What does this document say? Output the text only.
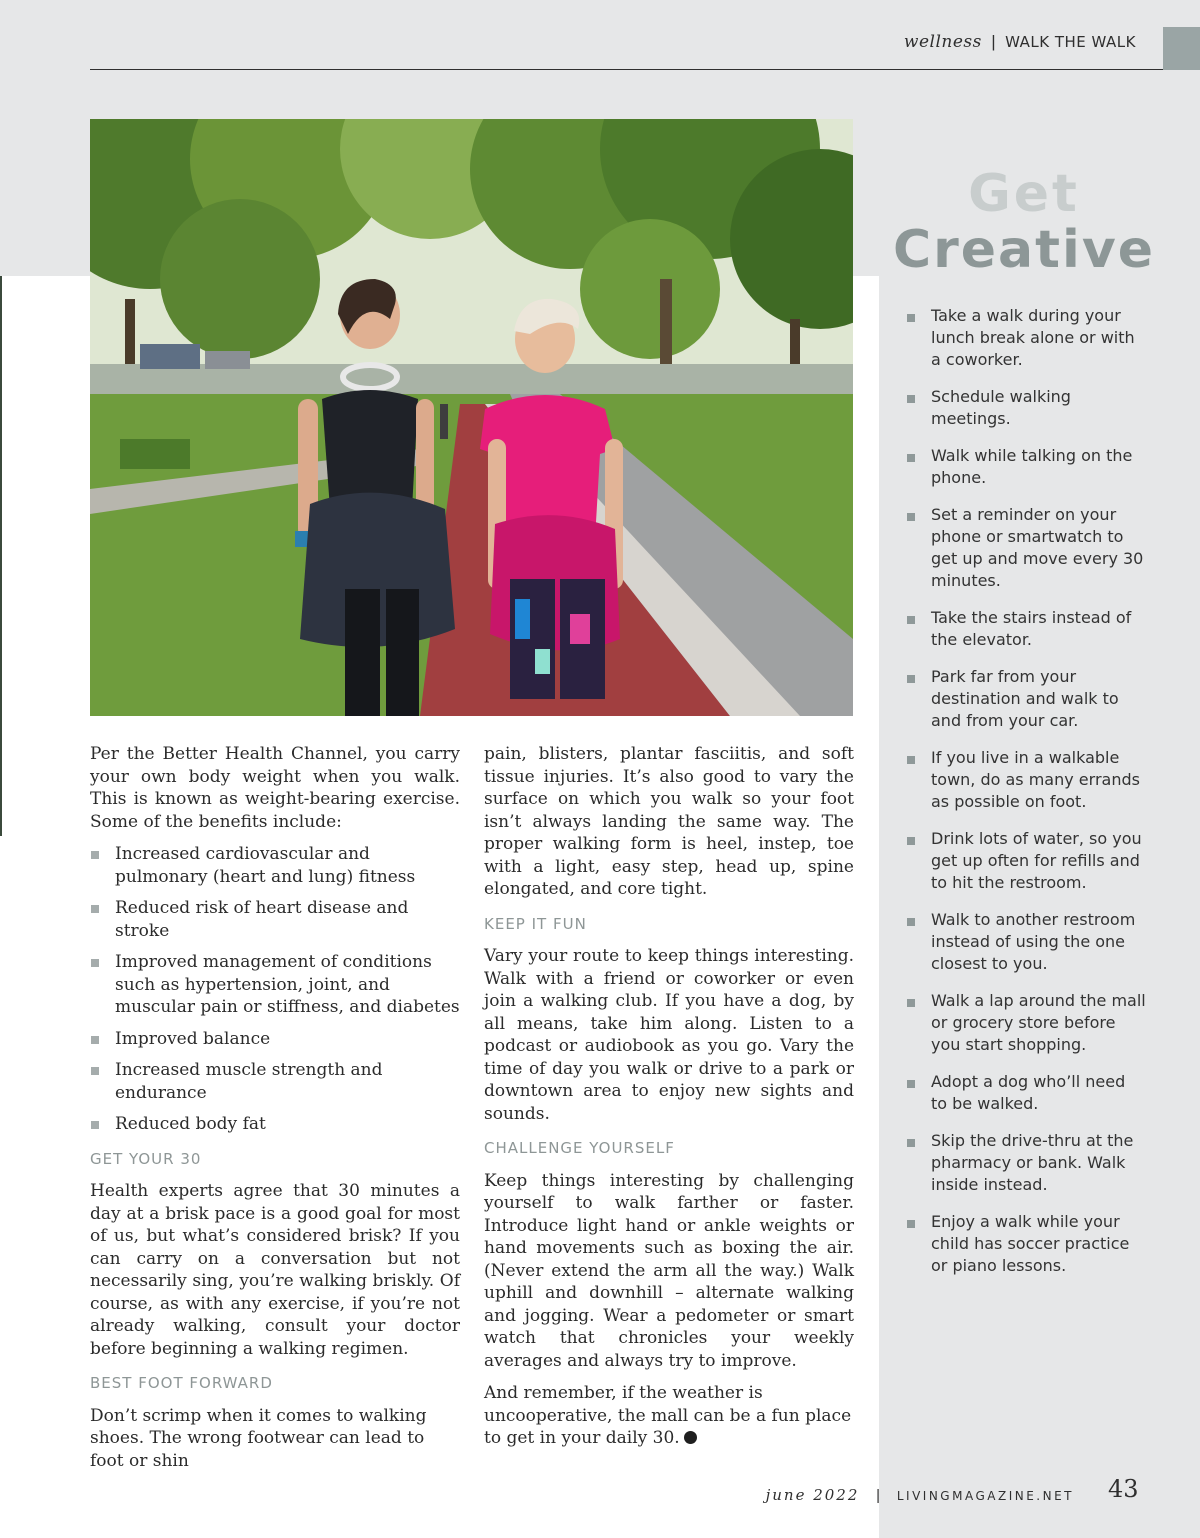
wellness | WALK THE WALK

Per the Better Health Channel, you carry your own body weight when you walk. This is known as weight-bearing exercise. Some of the benefits include:

Increased cardiovascular and pulmonary (heart and lung) fitness
Reduced risk of heart disease and stroke
Improved management of conditions such as hypertension, joint, and muscular pain or stiffness, and diabetes
Improved balance
Increased muscle strength and endurance
Reduced body fat
GET YOUR 30

Health experts agree that 30 minutes a day at a brisk pace is a good goal for most of us, but what’s considered brisk? If you can carry on a conversation but not necessarily sing, you’re walking briskly. Of course, as with any exercise, if you’re not already walking, consult your doctor before beginning a walking regimen.

BEST FOOT FORWARD

Don’t scrimp when it comes to walking shoes. The wrong footwear can lead to foot or shin

pain, blisters, plantar fasciitis, and soft tissue injuries. It’s also good to vary the surface on which you walk so your foot isn’t always landing the same way. The proper walking form is heel, instep, toe with a light, easy step, head up, spine elongated, and core tight.

KEEP IT FUN

Vary your route to keep things interesting. Walk with a friend or coworker or even join a walking club. If you have a dog, by all means, take him along. Listen to a podcast or audiobook as you go. Vary the time of day you walk or drive to a park or downtown area to enjoy new sights and sounds.

CHALLENGE YOURSELF

Keep things interesting by challenging yourself to walk farther or faster. Introduce light hand or ankle weights or hand movements such as boxing the air. (Never extend the arm all the way.) Walk uphill and downhill – alternate walking and jogging. Wear a pedometer or smart watch that chronicles your weekly averages and always try to improve.

And remember, if the weather is uncooperative, the mall can be a fun place to get in your daily 30.

Get
Creative
Take a walk during your lunch break alone or with a coworker.
Schedule walking meetings.
Walk while talking on the phone.
Set a reminder on your phone or smartwatch to get up and move every 30 minutes.
Take the stairs instead of the elevator.
Park far from your destination and walk to and from your car.
If you live in a walkable town, do as many errands as possible on foot.
Drink lots of water, so you get up often for refills and to hit the restroom.
Walk to another restroom instead of using the one closest to you.
Walk a lap around the mall or grocery store before you start shopping.
Adopt a dog who’ll need to be walked.
Skip the drive-thru at the pharmacy or bank. Walk inside instead.
Enjoy a walk while your child has soccer practice or piano lessons.
june 2022 | LIVINGMAGAZINE.NET 43
